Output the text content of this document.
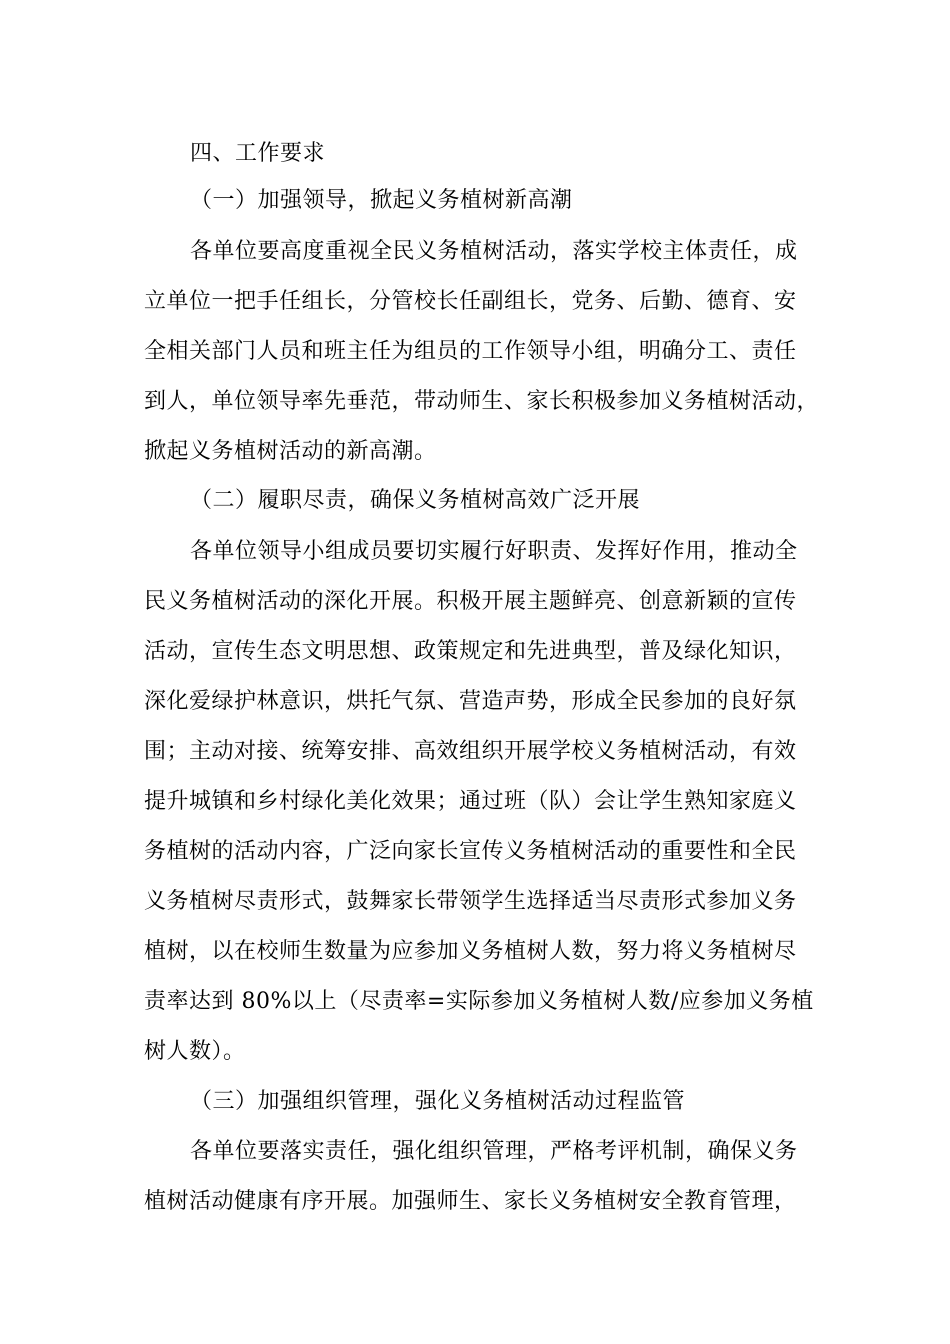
四、工作要求
（一）加强领导，掀起义务植树新高潮
各单位要高度重视全民义务植树活动，落实学校主体责任，成
立单位一把手任组长，分管校长任副组长，党务、后勤、德育、安
全相关部门人员和班主任为组员的工作领导小组，明确分工、责任
到人，单位领导率先垂范，带动师生、家长积极参加义务植树活动，
掀起义务植树活动的新高潮。
（二）履职尽责，确保义务植树高效广泛开展
各单位领导小组成员要切实履行好职责、发挥好作用，推动全
民义务植树活动的深化开展。积极开展主题鲜亮、创意新颖的宣传
活动，宣传生态文明思想、政策规定和先进典型，普及绿化知识，
深化爱绿护林意识，烘托气氛、营造声势，形成全民参加的良好氛
围；主动对接、统筹安排、高效组织开展学校义务植树活动，有效
提升城镇和乡村绿化美化效果；通过班（队）会让学生熟知家庭义
务植树的活动内容，广泛向家长宣传义务植树活动的重要性和全民
义务植树尽责形式，鼓舞家长带领学生选择适当尽责形式参加义务
植树，以在校师生数量为应参加义务植树人数，努力将义务植树尽
责率达到 80%以上（尽责率=实际参加义务植树人数/应参加义务植
树人数）。
（三）加强组织管理，强化义务植树活动过程监管
各单位要落实责任，强化组织管理，严格考评机制，确保义务
植树活动健康有序开展。加强师生、家长义务植树安全教育管理，
